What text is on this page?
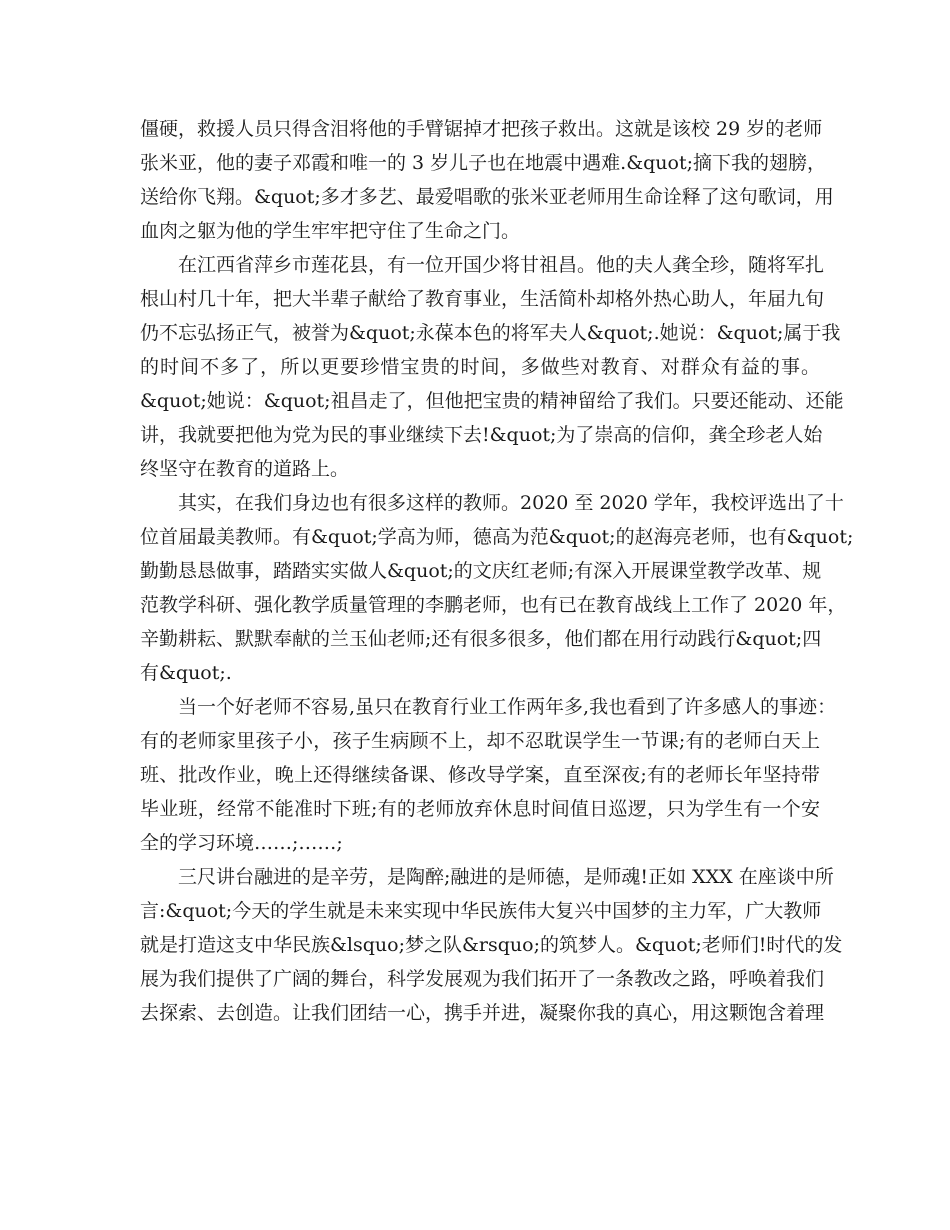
僵硬，救援人员只得含泪将他的手臂锯掉才把孩子救出。这就是该校 29 岁的老师
张米亚，他的妻子邓霞和唯一的 3 岁儿子也在地震中遇难.&quot;摘下我的翅膀，
送给你飞翔。&quot;多才多艺、最爱唱歌的张米亚老师用生命诠释了这句歌词，用
血肉之躯为他的学生牢牢把守住了生命之门。
在江西省萍乡市莲花县，有一位开国少将甘祖昌。他的夫人龚全珍，随将军扎
根山村几十年，把大半辈子献给了教育事业，生活简朴却格外热心助人，年届九旬
仍不忘弘扬正气，被誉为&quot;永葆本色的将军夫人&quot;.她说：&quot;属于我
的时间不多了，所以更要珍惜宝贵的时间，多做些对教育、对群众有益的事。
&quot;她说：&quot;祖昌走了，但他把宝贵的精神留给了我们。只要还能动、还能
讲，我就要把他为党为民的事业继续下去!&quot;为了崇高的信仰，龚全珍老人始
终坚守在教育的道路上。
其实，在我们身边也有很多这样的教师。2020 至 2020 学年，我校评选出了十
位首届最美教师。有&quot;学高为师，德高为范&quot;的赵海亮老师，也有&quot;
勤勤恳恳做事，踏踏实实做人&quot;的文庆红老师;有深入开展课堂教学改革、规
范教学科研、强化教学质量管理的李鹏老师，也有已在教育战线上工作了 2020 年，
辛勤耕耘、默默奉献的兰玉仙老师;还有很多很多，他们都在用行动践行&quot;四
有&quot;.
当一个好老师不容易,虽只在教育行业工作两年多,我也看到了许多感人的事迹：
有的老师家里孩子小，孩子生病顾不上，却不忍耽误学生一节课;有的老师白天上
班、批改作业，晚上还得继续备课、修改导学案，直至深夜;有的老师长年坚持带
毕业班，经常不能准时下班;有的老师放弃休息时间值日巡逻，只为学生有一个安
全的学习环境……;……;
三尺讲台融进的是辛劳，是陶醉;融进的是师德，是师魂!正如 XXX 在座谈中所
言:&quot;今天的学生就是未来实现中华民族伟大复兴中国梦的主力军，广大教师
就是打造这支中华民族&lsquo;梦之队&rsquo;的筑梦人。&quot;老师们!时代的发
展为我们提供了广阔的舞台，科学发展观为我们拓开了一条教改之路，呼唤着我们
去探索、去创造。让我们团结一心，携手并进，凝聚你我的真心，用这颗饱含着理
